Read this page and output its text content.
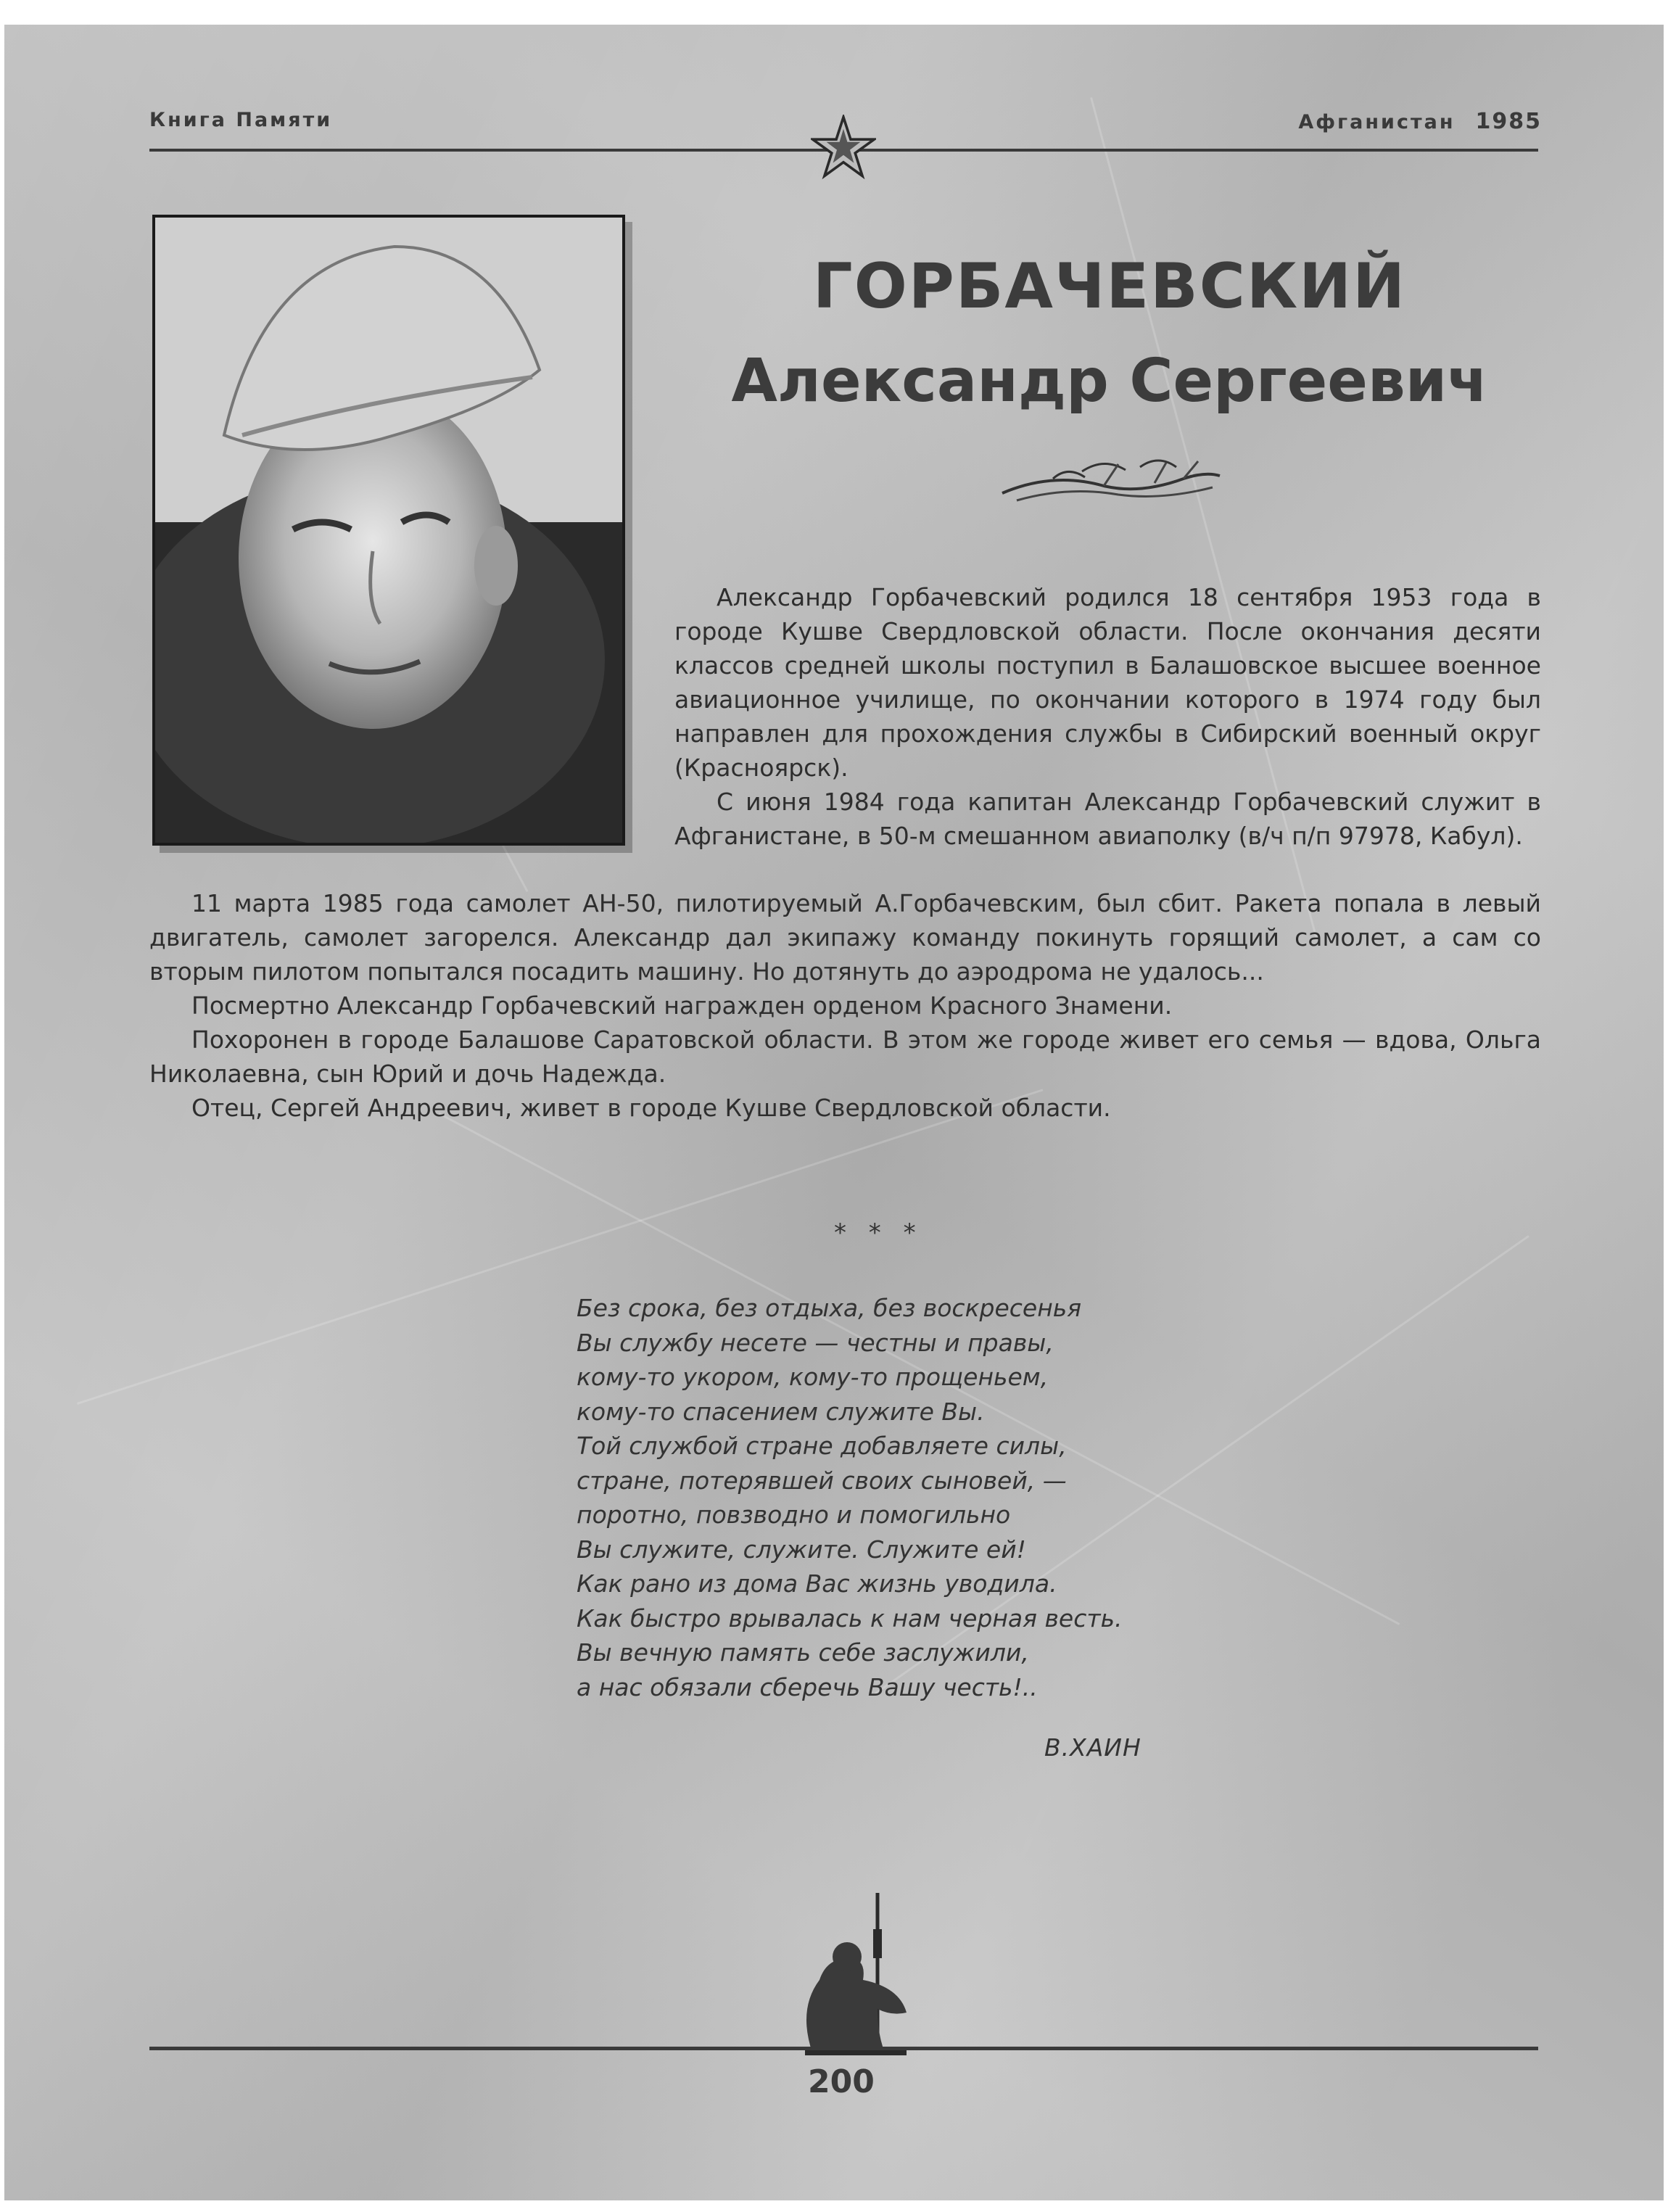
Книга Памяти	Афганистан 1985
ГОРБАЧЕВСКИЙ
Александр Сергеевич

Александр Горбачевский родился 18 сентября 1953 года в городе Кушве Свердловской области. После окончания десяти классов средней школы поступил в Балашовское высшее военное авиационное училище, по окончании которого в 1974 году был направлен для прохождения службы в Сибирский военный округ (Красноярск).

С июня 1984 года капитан Александр Горбачевский служит в Афганистане, в 50-м смешанном авиаполку (в/ч п/п 97978, Кабул).

11 марта 1985 года самолет АН-50, пилотируемый А.Горбачевским, был сбит. Ракета попала в левый двигатель, самолет загорелся. Александр дал экипажу команду покинуть горящий самолет, а сам со вторым пилотом попытался посадить машину. Но дотянуть до аэродрома не удалось...

Посмертно Александр Горбачевский награжден орденом Красного Знамени.

Похоронен в городе Балашове Саратовской области. В этом же городе живет его семья — вдова, Ольга Николаевна, сын Юрий и дочь Надежда.

Отец, Сергей Андреевич, живет в городе Кушве Свердловской области.

* * *

Без срока, без отдыха, без воскресенья

Вы службу несете — честны и правы,

кому-то укором, кому-то прощеньем,

кому-то спасением служите Вы.

Той службой стране добавляете силы,

стране, потерявшей своих сыновей, —

поротно, повзводно и помогильно

Вы служите, служите. Служите ей!

Как рано из дома Вас жизнь уводила.

Как быстро врывалась к нам черная весть.

Вы вечную память себе заслужили,

а нас обязали сберечь Вашу честь!..

В.ХАИН
200
